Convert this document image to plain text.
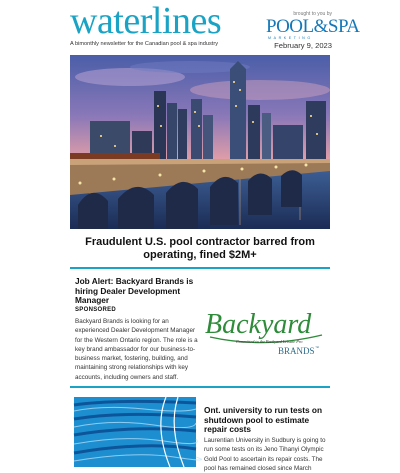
waterlines
A bimonthly newsletter for the Canadian pool & spa industry
brought to you by
POOL&SPA
MARKETING
February 9, 2023
Fraudulent U.S. pool contractor barred from operating, fined $2M+
Job Alert: Backyard Brands is hiring Dealer Development Manager
SPONSORED
Backyard Brands is looking for an experienced Dealer Development Manager for the Western Ontario region. The role is a key brand ambassador for our business-to-business market, fostering, building, and maintaining strong relationships with key accounts, including owners and staff.
Backyard
Committed to the Backyard Leisure Pro
BRANDS ™
Ont. university to run tests on shutdown pool to estimate repair costs
Laurentian University in Sudbury is going to run some tests on its Jeno Tihanyi Olympic Gold Pool to ascertain its repair costs. The pool has remained closed since March
